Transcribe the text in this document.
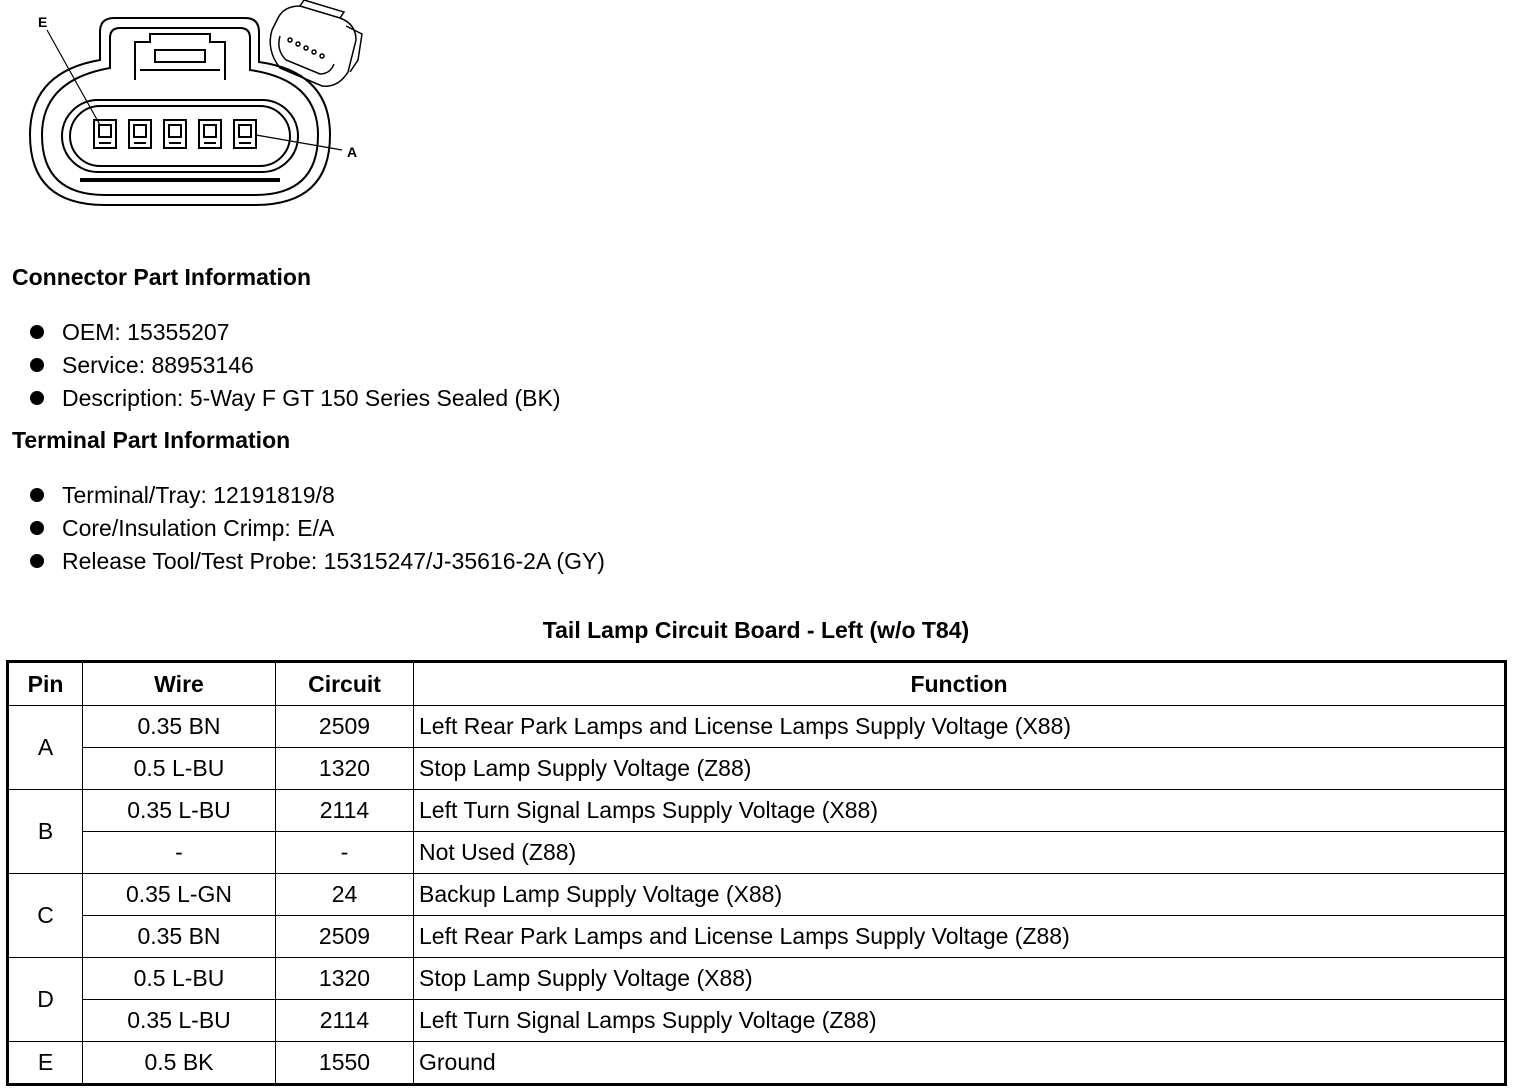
E
A
Connector Part Information
OEM: 15355207
Service: 88953146
Description: 5-Way F GT 150 Series Sealed (BK)
Terminal Part Information
Terminal/Tray: 12191819/8
Core/Insulation Crimp: E/A
Release Tool/Test Probe: 15315247/J-35616-2A (GY)
Tail Lamp Circuit Board - Left (w/o T84)
Pin	Wire	Circuit	Function
A	0.35 BN	2509	Left Rear Park Lamps and License Lamps Supply Voltage (X88)
	0.5 L-BU	1320	Stop Lamp Supply Voltage (Z88)
B	0.35 L-BU	2114	Left Turn Signal Lamps Supply Voltage (X88)
	-	-	Not Used (Z88)
C	0.35 L-GN	24	Backup Lamp Supply Voltage (X88)
	0.35 BN	2509	Left Rear Park Lamps and License Lamps Supply Voltage (Z88)
D	0.5 L-BU	1320	Stop Lamp Supply Voltage (X88)
	0.35 L-BU	2114	Left Turn Signal Lamps Supply Voltage (Z88)
E	0.5 BK	1550	Ground
